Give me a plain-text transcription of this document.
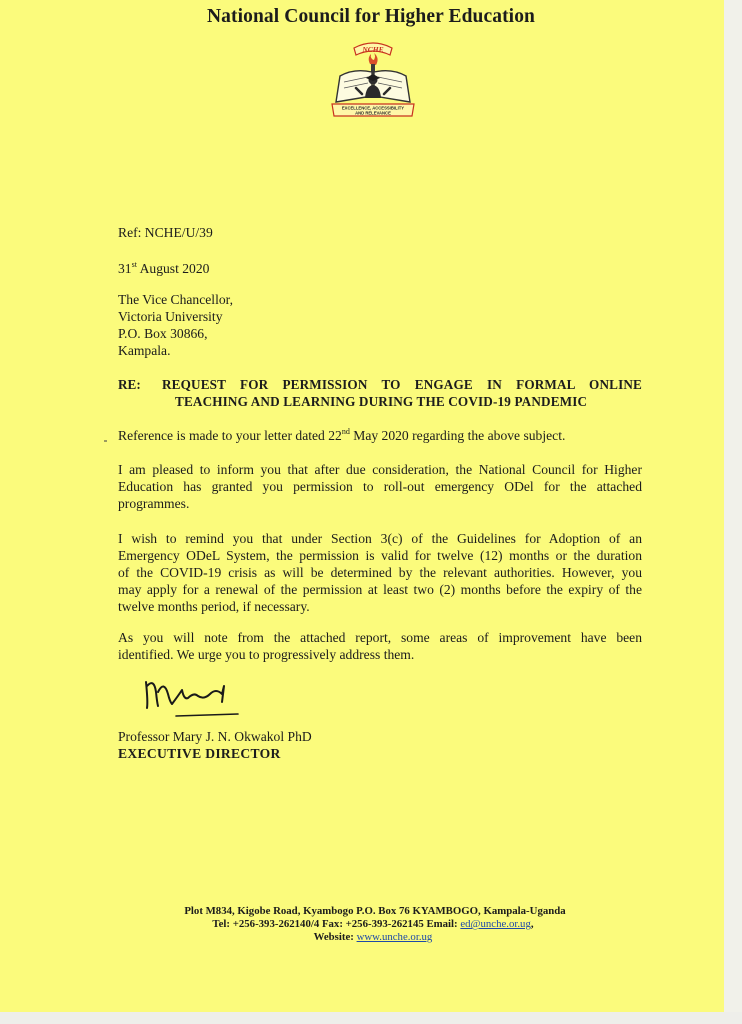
National Council for Higher Education
NCHE
EXCELLENCE, ACCESSIBILITY
AND RELEVANCE
Ref: NCHE/U/39
31st August 2020
The Vice Chancellor,
Victoria University
P.O. Box 30866,
Kampala.
RE: REQUEST FOR PERMISSION TO ENGAGE IN FORMAL ONLINE
TEACHING AND LEARNING DURING THE COVID-19 PANDEMIC
Reference is made to your letter dated 22nd May 2020 regarding the above subject.
I am pleased to inform you that after due consideration, the National Council for Higher
Education has granted you permission to roll-out emergency ODel for the attached
programmes.
I wish to remind you that under Section 3(c) of the Guidelines for Adoption of an
Emergency ODeL System, the permission is valid for twelve (12) months or the duration
of the COVID-19 crisis as will be determined by the relevant authorities. However, you
may apply for a renewal of the permission at least two (2) months before the expiry of the
twelve months period, if necessary.
As you will note from the attached report, some areas of improvement have been
identified. We urge you to progressively address them.
Professor Mary J. N. Okwakol PhD
EXECUTIVE DIRECTOR
Plot M834, Kigobe Road, Kyambogo P.O. Box 76 KYAMBOGO, Kampala-Uganda
Tel: +256-393-262140/4 Fax: +256-393-262145 Email: ed@unche.or.ug,
Website: www.unche.or.ug
